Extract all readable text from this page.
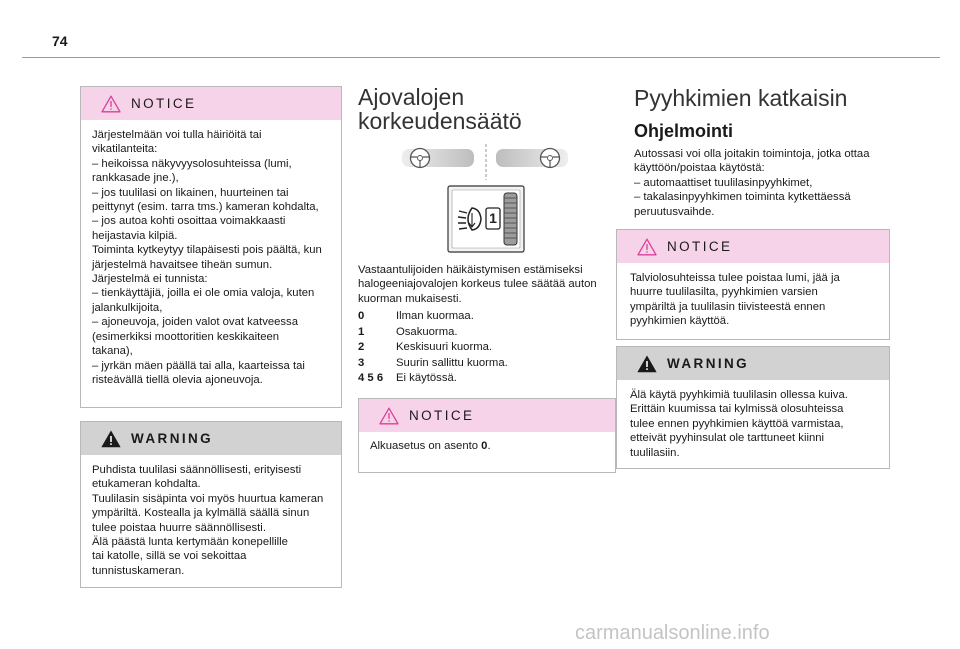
74
NOTICE

Järjestelmään voi tulla häiriöitä tai

vikatilanteita:

– heikoissa näkyvyysolosuhteissa (lumi,

rankkasade jne.),

– jos tuulilasi on likainen, huurteinen tai

peittynyt (esim. tarra tms.) kameran kohdalta,

– jos autoa kohti osoittaa voimakkaasti

heijastavia kilpiä.

Toiminta kytkeytyy tilapäisesti pois päältä, kun

järjestelmä havaitsee tiheän sumun.

Järjestelmä ei tunnista:

– tienkäyttäjiä, joilla ei ole omia valoja, kuten

jalankulkijoita,

– ajoneuvoja, joiden valot ovat katveessa

(esimerkiksi moottoritien keskikaiteen

takana),

– jyrkän mäen päällä tai alla, kaarteissa tai

risteävällä tiellä olevia ajoneuvoja.

WARNING

Puhdista tuulilasi säännöllisesti, erityisesti

etukameran kohdalta.

Tuulilasin sisäpinta voi myös huurtua kameran

ympäriltä. Kostealla ja kylmällä säällä sinun

tulee poistaa huurre säännöllisesti.

Älä päästä lunta kertymään konepellille

tai katolle, sillä se voi sekoittaa

tunnistuskameran.

Ajovalojen
korkeudensäätö
1

Vastaantulijoiden häikäistymisen estämiseksi

halogeeniajovalojen korkeus tulee säätää auton

kuorman mukaisesti.

0	Ilman kuormaa.
1	Osakuorma.
2	Keskisuuri kuorma.
3	Suurin sallittu kuorma.
4 5 6	Ei käytössä.
NOTICE

Alkuasetus on asento 0.

Pyyhkimien katkaisin
Ohjelmointi

Autossasi voi olla joitakin toimintoja, jotka ottaa

käyttöön/poistaa käytöstä:

– automaattiset tuulilasinpyyhkimet,

– takalasinpyyhkimen toiminta kytkettäessä

peruutusvaihde.

NOTICE

Talviolosuhteissa tulee poistaa lumi, jää ja

huurre tuulilasilta, pyyhkimien varsien

ympäriltä ja tuulilasin tiivisteestä ennen

pyyhkimien käyttöä.

WARNING

Älä käytä pyyhkimiä tuulilasin ollessa kuiva.

Erittäin kuumissa tai kylmissä olosuhteissa

tulee ennen pyyhkimien käyttöä varmistaa,

etteivät pyyhinsulat ole tarttuneet kiinni

tuulilasiin.

carmanualsonline.info
